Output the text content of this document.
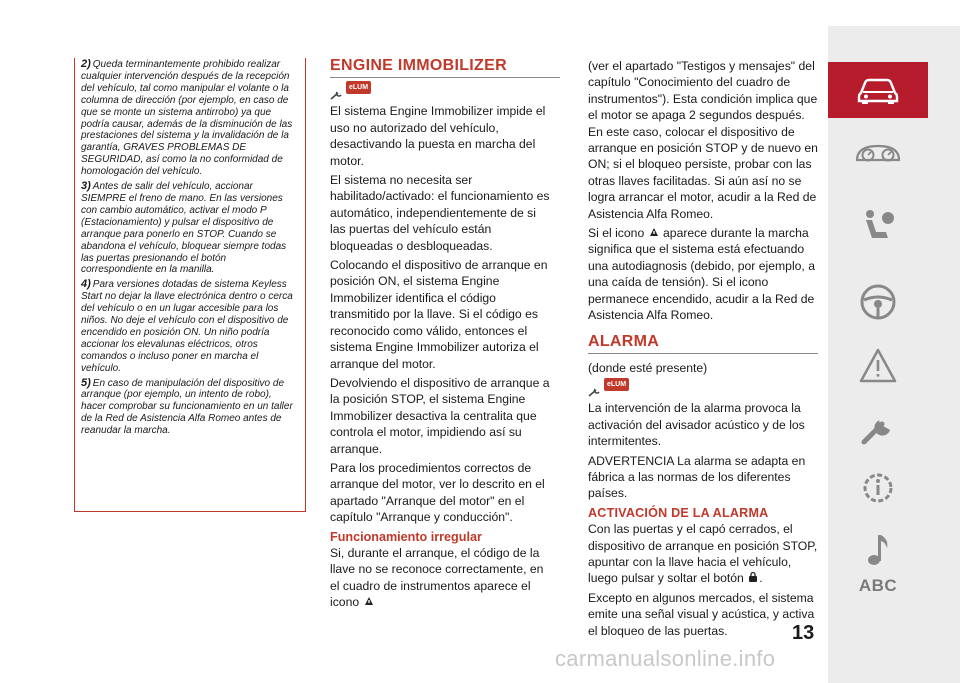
2) Queda terminantemente prohibido realizar cualquier intervención después de la recepción del vehículo, tal como manipular el volante o la columna de dirección (por ejemplo, en caso de que se monte un sistema antirrobo) ya que podría causar, además de la disminución de las prestaciones del sistema y la invalidación de la garantía, GRAVES PROBLEMAS DE SEGURIDAD, así como la no conformidad de homologación del vehículo.
3) Antes de salir del vehículo, accionar SIEMPRE el freno de mano. En las versiones con cambio automático, activar el modo P (Estacionamiento) y pulsar el dispositivo de arranque para ponerlo en STOP. Cuando se abandona el vehículo, bloquear siempre todas las puertas presionando el botón correspondiente en la manilla.
4) Para versiones dotadas de sistema Keyless Start no dejar la llave electrónica dentro o cerca del vehículo o en un lugar accesible para los niños. No deje el vehículo con el dispositivo de encendido en posición ON. Un niño podría accionar los elevalunas eléctricos, otros comandos o incluso poner en marcha el vehículo.
5) En caso de manipulación del dispositivo de arranque (por ejemplo, un intento de robo), hacer comprobar su funcionamiento en un taller de la Red de Asistencia Alfa Romeo antes de reanudar la marcha.
ENGINE IMMOBILIZER
eLUM

El sistema Engine Immobilizer impide el uso no autorizado del vehículo, desactivando la puesta en marcha del motor.

El sistema no necesita ser habilitado/activado: el funcionamiento es automático, independientemente de si las puertas del vehículo están bloqueadas o desbloqueadas.

Colocando el dispositivo de arranque en posición ON, el sistema Engine Immobilizer identifica el código transmitido por la llave. Si el código es reconocido como válido, entonces el sistema Engine Immobilizer autoriza el arranque del motor.

Devolviendo el dispositivo de arranque a la posición STOP, el sistema Engine Immobilizer desactiva la centralita que controla el motor, impidiendo así su arranque.

Para los procedimientos correctos de arranque del motor, ver lo descrito en el apartado "Arranque del motor" en el capítulo "Arranque y conducción".

Funcionamiento irregular

Si, durante el arranque, el código de la llave no se reconoce correctamente, en el cuadro de instrumentos aparece el icono

(ver el apartado "Testigos y mensajes" del capítulo "Conocimiento del cuadro de instrumentos"). Esta condición implica que el motor se apaga 2 segundos después. En este caso, colocar el dispositivo de arranque en posición STOP y de nuevo en ON; si el bloqueo persiste, probar con las otras llaves facilitadas. Si aún así no se logra arrancar el motor, acudir a la Red de Asistencia Alfa Romeo.

Si el icono aparece durante la marcha significa que el sistema está efectuando una autodiagnosis (debido, por ejemplo, a una caída de tensión). Si el icono permanece encendido, acudir a la Red de Asistencia Alfa Romeo.

ALARMA

(donde esté presente)

eLUM

La intervención de la alarma provoca la activación del avisador acústico y de los intermitentes.

ADVERTENCIA La alarma se adapta en fábrica a las normas de los diferentes países.

ACTIVACIÓN DE LA ALARMA

Con las puertas y el capó cerrados, el dispositivo de arranque en posición STOP, apuntar con la llave hacia el vehículo, luego pulsar y soltar el botón .

Excepto en algunos mercados, el sistema emite una señal visual y acústica, y activa el bloqueo de las puertas.

ABC
13
carmanualsonline.info
